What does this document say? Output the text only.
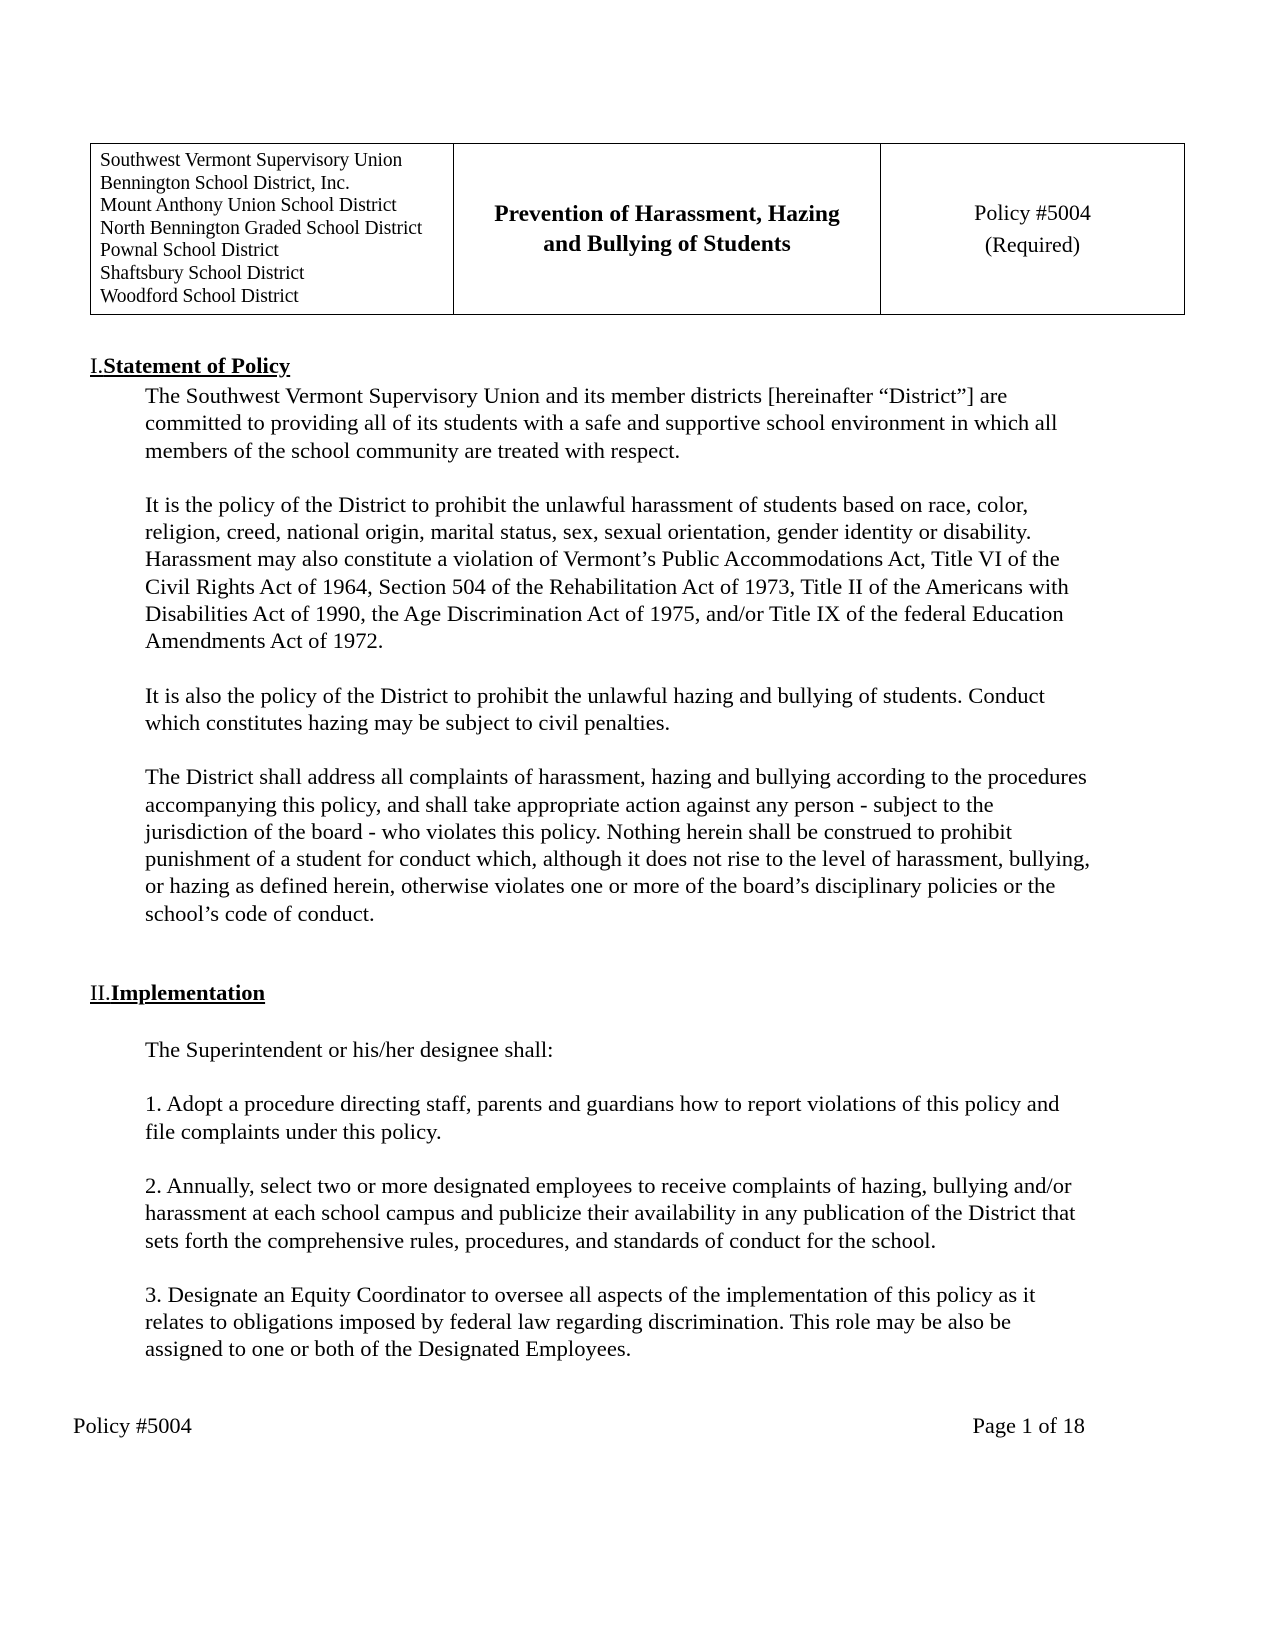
Southwest Vermont Supervisory Union
Bennington School District, Inc.
Mount Anthony Union School District
North Bennington Graded School District
Pownal School District
Shaftsbury School District
Woodford School District

Prevention of Harassment, Hazing
and Bullying of Students

Policy #5004
(Required)
I.Statement of Policy

The Southwest Vermont Supervisory Union and its member districts [hereinafter “District”] are committed to providing all of its students with a safe and supportive school environment in which all members of the school community are treated with respect.

It is the policy of the District to prohibit the unlawful harassment of students based on race, color, religion, creed, national origin, marital status, sex, sexual orientation, gender identity or disability. Harassment may also constitute a violation of Vermont’s Public Accommodations Act, Title VI of the Civil Rights Act of 1964, Section 504 of the Rehabilitation Act of 1973, Title II of the Americans with Disabilities Act of 1990, the Age Discrimination Act of 1975, and/or Title IX of the federal Education Amendments Act of 1972.

It is also the policy of the District to prohibit the unlawful hazing and bullying of students. Conduct which constitutes hazing may be subject to civil penalties.

The District shall address all complaints of harassment, hazing and bullying according to the procedures accompanying this policy, and shall take appropriate action against any person - subject to the jurisdiction of the board - who violates this policy. Nothing herein shall be construed to prohibit punishment of a student for conduct which, although it does not rise to the level of harassment, bullying, or hazing as defined herein, otherwise violates one or more of the board’s disciplinary policies or the school’s code of conduct.

II.Implementation

The Superintendent or his/her designee shall:

1. Adopt a procedure directing staff, parents and guardians how to report violations of this policy and file complaints under this policy.

2. Annually, select two or more designated employees to receive complaints of hazing, bullying and/or harassment at each school campus and publicize their availability in any publication of the District that sets forth the comprehensive rules, procedures, and standards of conduct for the school.

3. Designate an Equity Coordinator to oversee all aspects of the implementation of this policy as it relates to obligations imposed by federal law regarding discrimination. This role may be also be assigned to one or both of the Designated Employees.

Policy #5004	Page 1 of 18
